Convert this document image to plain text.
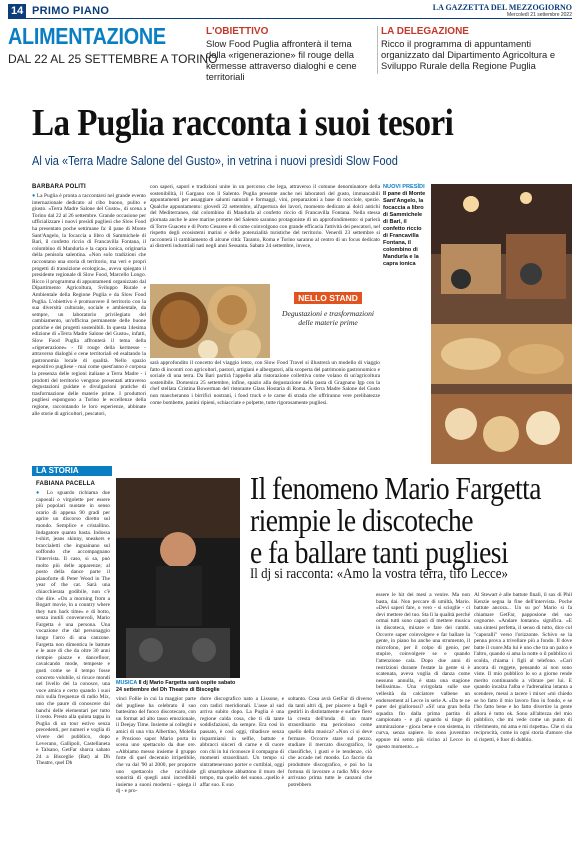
14 PRIMO PIANO	LA GAZZETTA DEL MEZZOGIORNO
Mercoledì 21 settembre 2022
ALIMENTAZIONE
DAL 22 AL 25 SETTEMBRE A TORINO
L'OBIETTIVO
Slow Food Puglia affronterà il tema della «rigenerazione» fil rouge della kermesse attraverso dialoghi e cene territoriali
LA DELEGAZIONE
Ricco il programma di appuntamenti organizzato dal Dipartimento Agricoltura e Sviluppo Rurale della Regione Puglia
La Puglia racconta i suoi tesori
Al via «Terra Madre Salone del Gusto», in vetrina i nuovi presìdi Slow Food
BARBARA POLITI
● La Puglia è pronta a raccontarsi nel grande evento internazionale dedicato al cibo buono, pulito e giusto. «Terra Madre Salone del Gusto», di scena a Torino dal 22 al 26 settembre. Grande occasione per ufficializzare i nuovi presìdi pugliesi che Slow Food ha presentato poche settimane fa: il pane di Monte Sant'Angelo, la focaccia a libro di Sammichele di Bari, il confetto riccio di Francavilla Fontana, il colombino di Mandurla e la capra ionica, originaria della penisola salentina. «Non solo tradizioni che raccontano una storia di territorio, ma veri e propri progetti di transizione ecologica», aveva spiegato il presidente regionale di Slow Food, Marcello Longo. Ricco il programma di appuntamenti organizzato dal Dipartimento Agricoltura, Sviluppo Rurale e Ambientale della Regione Puglia e da Slow Food Puglia. L'obiettivo è promuovere il territorio con la sua diversità culturale, sociale e ambientale, da sempre, un laboratorio privilegiato del cambiamento, un'officina permanente delle buone pratiche e dei progetti sostenibili. In questa 14esima edizione di «Terra Madre Salone del Gusto», infatti, Slow Food Puglia affronterà il tema della «rigenerazione» - fil rouge della kermesse - attraverso dialoghi e cene territoriali ed esaltando la gastronomia locale di qualità. Nello spazio espositivo pugliese - mai come quest'anno è corposa la presenza delle regioni italiane a Terra Madre - i prodotti del territorio vengono presentati attraverso degustazioni guidate e divulgazioni pratiche di trasformazione delle materie prime. I produttori pugliesi espongono a Torino le eccellenze della regione, raccontando le loro esperienze, abbinate alle storie di agricoltori, pescatori,
con saperi, sapori e tradizioni unite in un percorso che lega, attraverso il comune denominatore della sostenibilità, il Gargano con il Salento. Puglia presente anche nei laboratori del gusto, immancabili appuntamenti per assaggiare salumi naturali e formaggi, vini, preparazioni a base di nocciole, spezie. Qualche appuntamento: giovedì 22 settembre, all'apertura dei lavori, momento dedicato ai dolci antichi del Mediterraneo, dal colombino di Mandurla al confetto riccio di Francavilla Fontana. Nella stessa giornata anche le aree marine protette del Salento saranno protagoniste di un approfondimento: si parlerà di Torre Guaceto e di Porto Cesareo e di come coinvolgono con grande efficacia l'attività dei pescatori, nel rispetto degli ecosistemi marini e delle potenzialità turistiche del territorio. Venerdì 23 settembre si racconterà il cambiamento di alcune città: Taranto, Roma e Torino saranno al centro di un focus dedicato ai distretti industriali nati negli anni Sessanta. Sabato 24 settembre, invece,
NELLO STAND
Degustazioni e trasformazioni delle materie prime
sarà approfondito il concetto del viaggio lento, con Slow Food Travel si illustrerà un modello di viaggio fatto di incontri con agricoltori, pastori, artigiani e albergatori, alla scoperta del patrimonio gastronomico e sociale di una terra. Da Bari partirà l'appello alla ristorazione collettiva come volano di un'agricoltura sostenibile. Domenica 25 settembre, infine, spazio alla degustazione della pasta di Gragnano Igp con la chef stellata Cristina Bowerman del ristorante Glass Hostaria di Roma. A Terra Madre Salone del Gusto non mancheranno i birrifici nostrani, i food truck e le carne di strada che offriranno vere prelibatezze come bombette, panini ripieni, schiacciate e polpette, tutte rigorosamente pugliesi.
NUOVI PRESÌDI
Il pane di Monte Sant'Angelo, la focaccia a libro di Sammichele di Bari, il confetto riccio di Francavilla Fontana, il colombino di Mandurla e la capra ionica
LA STORIA
FABIANA PACELLA
● Lo sguardo richiama due capoeali o virgolette per essere più popolari nuotate in senso orario di appena 90 gradi per aprire un discorso diretto sul mondo. Semplice e cristallino. Indagatore quanto basta. Indossa t-shirt, jeans skinny, sneakers e braccialetti che inguainano sul soffondo che accompagnano l'intervista. Il caso, si sa, può molto più delle apparenze; al posto della dance parte il pianoforte di Peter Wood in The year of the cat. Sarà una chiacchierata godibile, non c'è che dire. «On a morning from a Bogart movie, in a country where they turn back time» e di botto, senza inutili convenevoli, Mario Fargetta è una persona. Una vocazione che dal personaggio lungo l'arco di una canzone. Fargetta non dimentica le battute e le aure di che da oltre 30 anni riempie piazze e dancefloor, cavalcando mode, tempeste e gusti come se il tempo fosse concreto volubile, si ricuce mondi nel livello dei la conosce, una voce amica e certo quando i suoi mix sulla frequenze di radio Mix, uno che paure di conoscere dai banchi delle elementari per tutto il resto. Presto alla quinta tappa in Puglia di un tour estivo senza precedenti, per numeri e voglia di vivere del pubblico, dopo Leverano, Gallipoli, Castellaneta e Talsano, GetFar sbarca sabato 24 a Bisceglie (Bat) al Dh Theatre, quel Dh
MUSICA Il dj Mario Fargetta sarà ospite sabato 24 settembre del Dh Theatre di Bisceglie
Il fenomeno Mario Fargetta
riempie le discoteche
e fa ballare tanti pugliesi
Il dj si racconta: «Amo la vostra terra, tifo Lecce»
vinci Follie in cui la maggior parte del pugliese ha celebrato il suo battesimo del fuoco discotecaro, con un format ad alto tasso emozionale, il Deejay Time. Insieme ai colleghi e amici di una vita Albertino, Molella e Prezioso sapor Mario porta in scena uno spettacolo da due ore. «Abbiamo messo insieme il gruppo forte di quel decennio irripetibile, che va dal '90 al 2000, per proporre uno spettacolo che racchiude sonorità di quegli anni incredibili insieme a suoni moderni - spiega il dj - e pro-
durre discografico nato a Lissone, e con radici meridionali. L'asse al sud arriva subito dopo. La Puglia è una regione calda cosa, che ti dà tante soddisfazioni, da sempre. Era così in passato, è così oggi, ribadisce senza risparmiarsi in selfie, battute e abbracci sinceri di carne e di cuore con chi in lui riconosce il compagno di momenti straordinari. Un tempo si sintrattenevano porter e curtiblai, oggi gli smartphone abbattono il muro del tempo, ma quello del suono...quello è affar suo. E suo
soltanto. Cosa avrà GetFar di diverso da tanti altri dj, per piacere a fagli e gestirli in distintamente e surfare fiero la cresta dell'onda di un mare straordinario ma pericoloso come quello della musica? «Non ci si deve fermare. Occorre stare sul pezzo, studiare il mercato discografico, le classifiche, i gusti e le tendenze, ciò che accade nel mondo. Lo facciо da produttore discografico, e poi ho la fortuna di lavorare a radio Mix dove arrivano prima tutte le canzoni che potrebbero
essere le hit dei mesi a venire. Ma non basta, dai. Non peccare di umiltà, Mario. «Devi saperi fare, o vero - si scioglie - ci devi mettere del tuo. Sta lì la qualità perché ormai tutti sono capaci di mettere musica in discoteca, mixare e fare dei cambi. Occorre saper coinvolgere e far ballare la gente, in piano ho anche una strumento, il microfono, per il colpo di genio, per stupire, coinvolgere se e quando l'attenzione cala. Dopo due anni di restrizioni durante l'estate la gente si è scatenata, aveva voglia di danza come nessuno annulla, è stata una stagione bellissima». Una svirgolata sulle sue vellesità da calciatore valbene un endorsement al Lecce in serie A. «Da te ne parer dei giallorossi? «Sì! una gran bella squadra fin dalla prima partita di campionato - e gli sguardo si tinge di ammirazione - gioca bene e con sistema, in curva, senza sapiere. Io sono juventino eppure mi sento più vicino al Lecce in questo momento...»
Al Stewart è alle battute finali, il sax di Phil Kenzie segna la fine dell'intervista. Poche battute ancora... Un su po' Mario si fa chiamare GetFar, papposione del suo cognome. «Andare lontano» significa. «E una sintesi perfetta, il senso di tutto, dice col "caporalli" verso l'orizzonte. Schivo se la penna prova a trivellare più a fondo. Il dove batte il cuore.Ma lui è uno che tra un palco e l'altro, quando si ama la notte o il pubblico si scolda, chiama i figli al telefono. «Cari ancora di reggete, pensando ai non sono viste. Il mio pubblico lo so a giorne rende merito continuando a vibrare per lui. E quando incalza l'alba e l'adrenalina intanta a scendere, messi a tacere i mixer «mi chiedo se ho fatto il mio lavoro fino in fondo, e se l'ho fatto bene e ho fatto divertire la gente allora è tutto ok. Sono all'altezza del mio pubblico, che mi vede come un punto di riferimento, mi ama e mi rispetta». Che ci sia reciprocità, come in ogni storia d'amore che si rispetti, è fuor di dubbio.
